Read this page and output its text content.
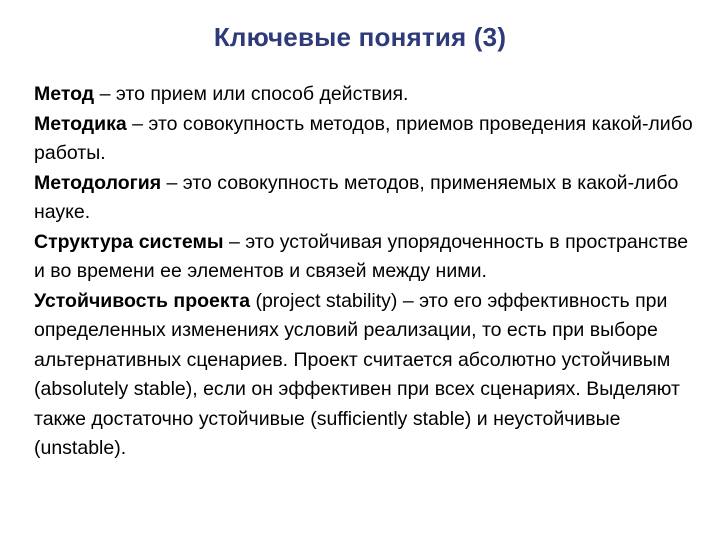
Ключевые понятия (3)

Метод – это прием или способ действия.

Методика – это совокупность методов, приемов проведения какой-либо работы.

Методология – это совокупность методов, применяемых в какой-либо науке.

Структура системы – это устойчивая упорядоченность в пространстве и во времени ее элементов и связей между ними.

Устойчивость проекта (project stability) – это его эффективность при определенных изменениях условий реализации, то есть при выборе альтернативных сценариев. Проект считается абсолютно устойчивым (absolutely stable), если он эффективен при всех сценариях. Выделяют также достаточно устойчивые (sufficiently stable) и неустойчивые (unstable).
